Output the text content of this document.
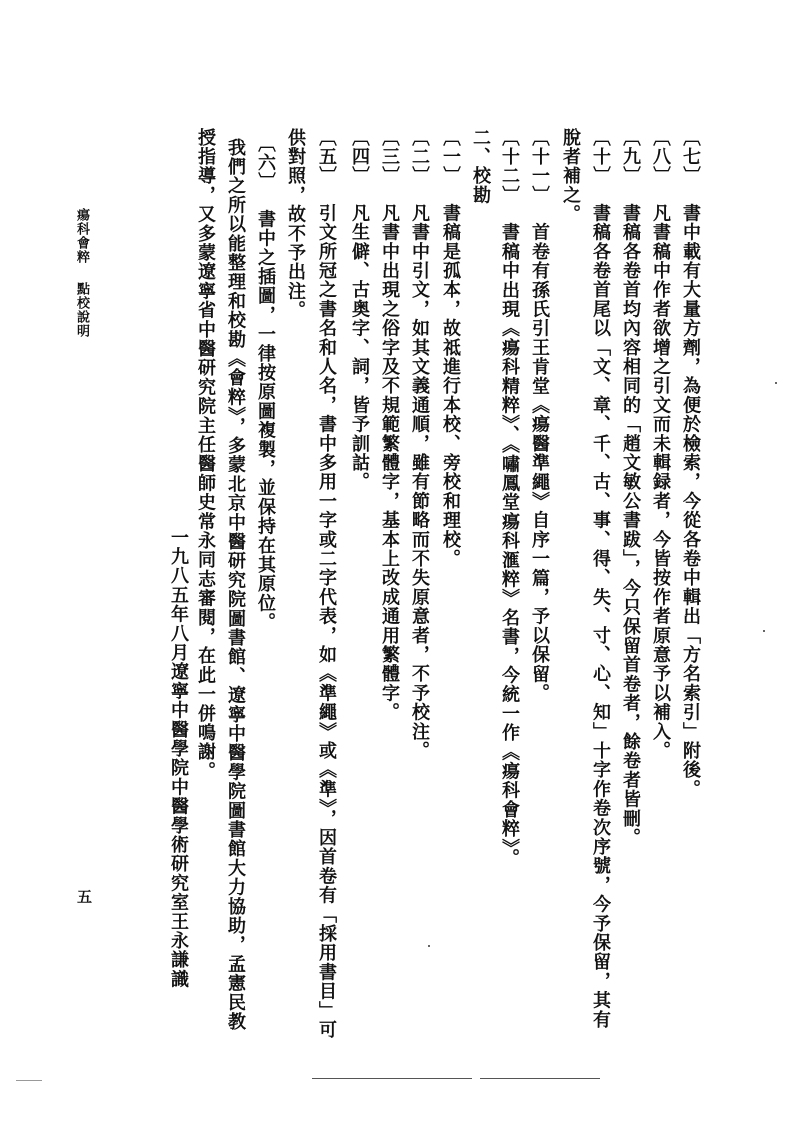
瘍科會粹點校說明
五
〔七〕書中載有大量方劑，為便於檢索，今從各卷中輯出「方名索引」附後。
〔八〕凡書稿中作者欲增之引文而未輯録者，今皆按作者原意予以補入。
〔九〕書稿各卷首均內容相同的「趙文敏公書跋」，今只保留首卷者，餘卷者皆刪。
〔十〕書稿各卷首尾以「文、章、千、古、事、得、失、寸、心、知」十字作卷次序號，今予保留，其有
脫者補之。
〔十一〕首卷有孫氏引王肯堂《瘍醫準繩》自序一篇，予以保留。
〔十二〕書稿中出現《瘍科精粹》、《嘯鳳堂瘍科滙粹》名書，今統一作《瘍科會粹》。
二、校勘
〔一〕書稿是孤本，故祗進行本校、旁校和理校。
〔二〕凡書中引文，如其文義通順，雖有節略而不失原意者，不予校注。
〔三〕凡書中出現之俗字及不規範繁體字，基本上改成通用繁體字。
〔四〕凡生僻、古奥字、詞，皆予訓詁。
〔五〕引文所冠之書名和人名，書中多用一字或二字代表，如《準繩》或《準》，因首卷有「採用書目」可
供對照，故不予出注。
〔六〕書中之插圖，一律按原圖複製，並保持在其原位。
我們之所以能整理和校勘《會粹》，多蒙北京中醫研究院圖書館、遼寧中醫學院圖書館大力協助，孟憲民教
授指導，又多蒙遼寧省中醫研究院主任醫師史常永同志審閱，在此一併鳴謝。
一九八五年八月遼寧中醫學院中醫學術研究室王永謙識
